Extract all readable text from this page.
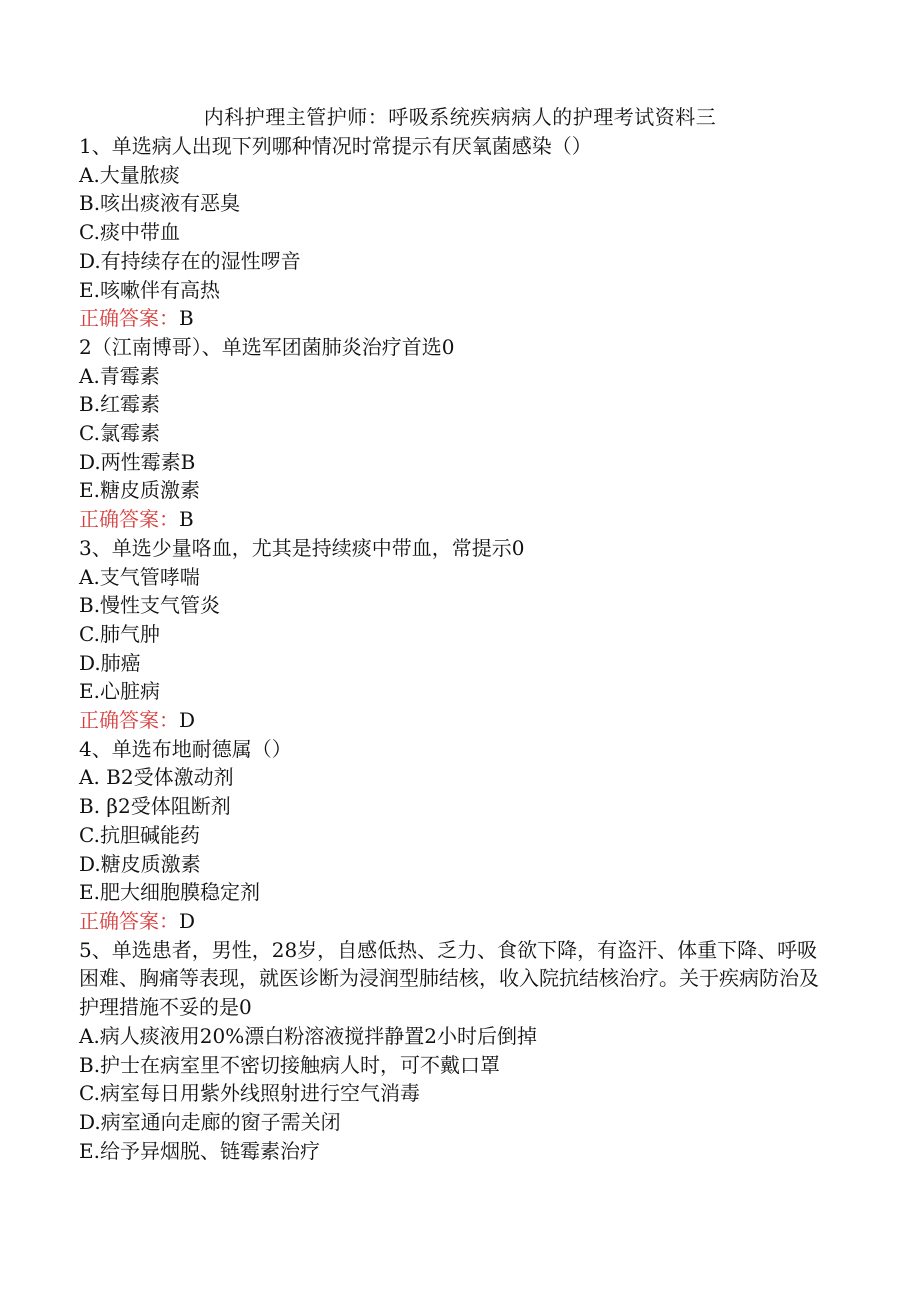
内科护理主管护师：呼吸系统疾病病人的护理考试资料三
1、单选病人出现下列哪种情况时常提示有厌氧菌感染（）
A.大量脓痰
B.咳出痰液有恶臭
C.痰中带血
D.有持续存在的湿性啰音
E.咳嗽伴有高热
正确答案：B
2（江南博哥）、单选军团菌肺炎治疗首选0
A.青霉素
B.红霉素
C.氯霉素
D.两性霉素B
E.糖皮质激素
正确答案：B
3、单选少量咯血，尤其是持续痰中带血，常提示0
A.支气管哮喘
B.慢性支气管炎
C.肺气肿
D.肺癌
E.心脏病
正确答案：D
4、单选布地耐德属（）
A. B2受体激动剂
B. β2受体阻断剂
C.抗胆碱能药
D.糖皮质激素
E.肥大细胞膜稳定剂
正确答案：D
5、单选患者，男性，28岁，自感低热、乏力、食欲下降，有盗汗、体重下降、呼吸困难、胸痛等表现，就医诊断为浸润型肺结核，收入院抗结核治疗。关于疾病防治及护理措施不妥的是0
A.病人痰液用20%漂白粉溶液搅拌静置2小时后倒掉
B.护士在病室里不密切接触病人时，可不戴口罩
C.病室每日用紫外线照射进行空气消毒
D.病室通向走廊的窗子需关闭
E.给予异烟脱、链霉素治疗
